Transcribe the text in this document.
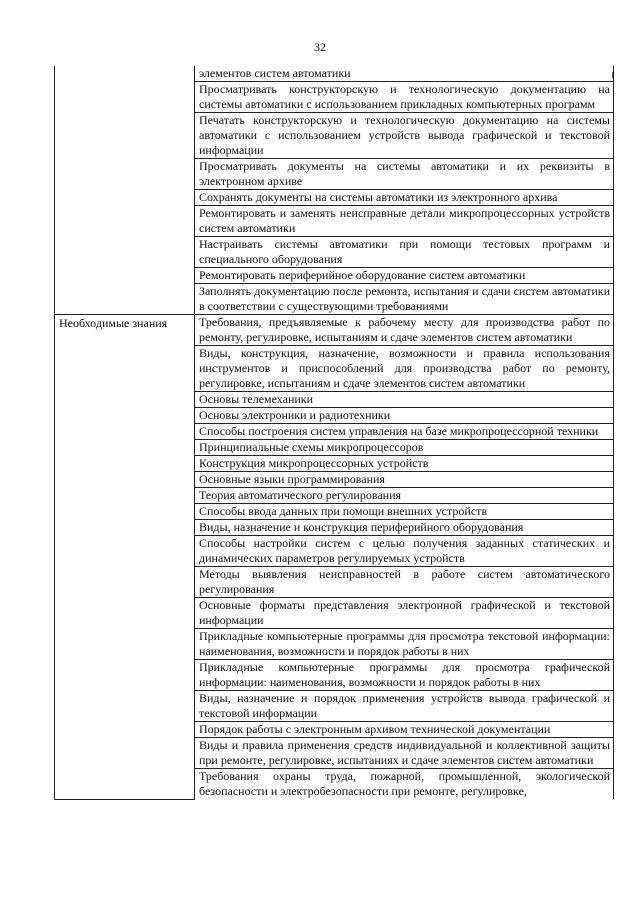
32
	элементов систем автоматики
	Просматривать конструкторскую и технологическую документацию на системы автоматики с использованием прикладных компьютерных программ
	Печатать конструкторскую и технологическую документацию на системы автоматики с использованием устройств вывода графической и текстовой информации
	Просматривать документы на системы автоматики и их реквизиты в электронном архиве
	Сохранять документы на системы автоматики из электронного архива
	Ремонтировать и заменять неисправные детали микропроцессорных устройств систем автоматики
	Настраивать системы автоматики при помощи тестовых программ и специального оборудования
	Ремонтировать периферийное оборудование систем автоматики
	Заполнять документацию после ремонта, испытания и сдачи систем автоматики в соответствии с существующими требованиями

Необходимые знания	Требования, предъявляемые к рабочему месту для производства работ по ремонту, регулировке, испытаниям и сдаче элементов систем автоматики
	Виды, конструкция, назначение, возможности и правила использования инструментов и приспособлений для производства работ по ремонту, регулировке, испытаниям и сдаче элементов систем автоматики
	Основы телемеханики
	Основы электроники и радиотехники
	Способы построения систем управления на базе микропроцессорной техники
	Принципиальные схемы микропроцессоров
	Конструкция микропроцессорных устройств
	Основные языки программирования
	Теория автоматического регулирования
	Способы ввода данных при помощи внешних устройств
	Виды, назначение и конструкция периферийного оборудования
	Способы настройки систем с целью получения заданных статических и динамических параметров регулируемых устройств
	Методы выявления неисправностей в работе систем автоматического регулирования
	Основные форматы представления электронной графической и текстовой информации
	Прикладные компьютерные программы для просмотра текстовой информации: наименования, возможности и порядок работы в них
	Прикладные компьютерные программы для просмотра графической информации: наименования, возможности и порядок работы в них
	Виды, назначение и порядок применения устройств вывода графической и текстовой информации
	Порядок работы с электронным архивом технической документации
	Виды и правила применения средств индивидуальной и коллективной защиты при ремонте, регулировке, испытаниях и сдаче элементов систем автоматики
	Требования охраны труда, пожарной, промышленной, экологической безопасности и электробезопасности при ремонте, регулировке,
